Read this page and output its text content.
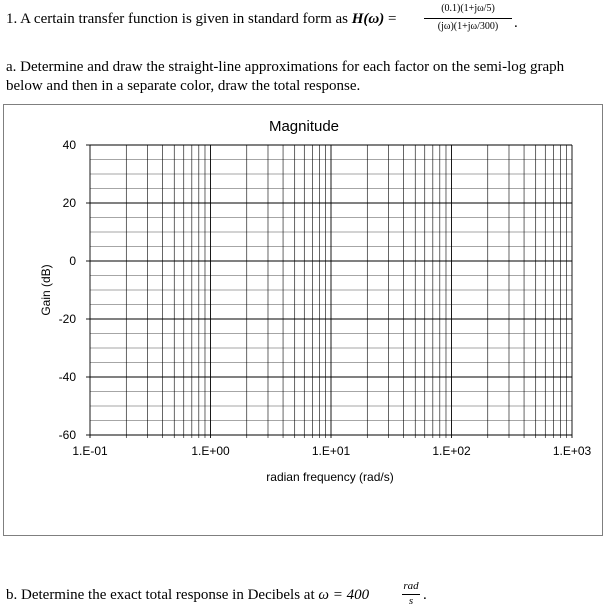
1. A certain transfer function is given in standard form as H(ω) =
(0.1)(1+jω/5)
(jω)(1+jω/300)	.
a. Determine and draw the straight-line approximations for each factor on the semi-log graph below and then in a separate color, draw the total response.
Magnitude
40
20
0
-20
-40
-60
1.E-01	1.E+00	1.E+01	1.E+02	1.E+03
Gain (dB)
radian frequency (rad/s)
b. Determine the exact total response in Decibels at ω = 400
rad
s .
